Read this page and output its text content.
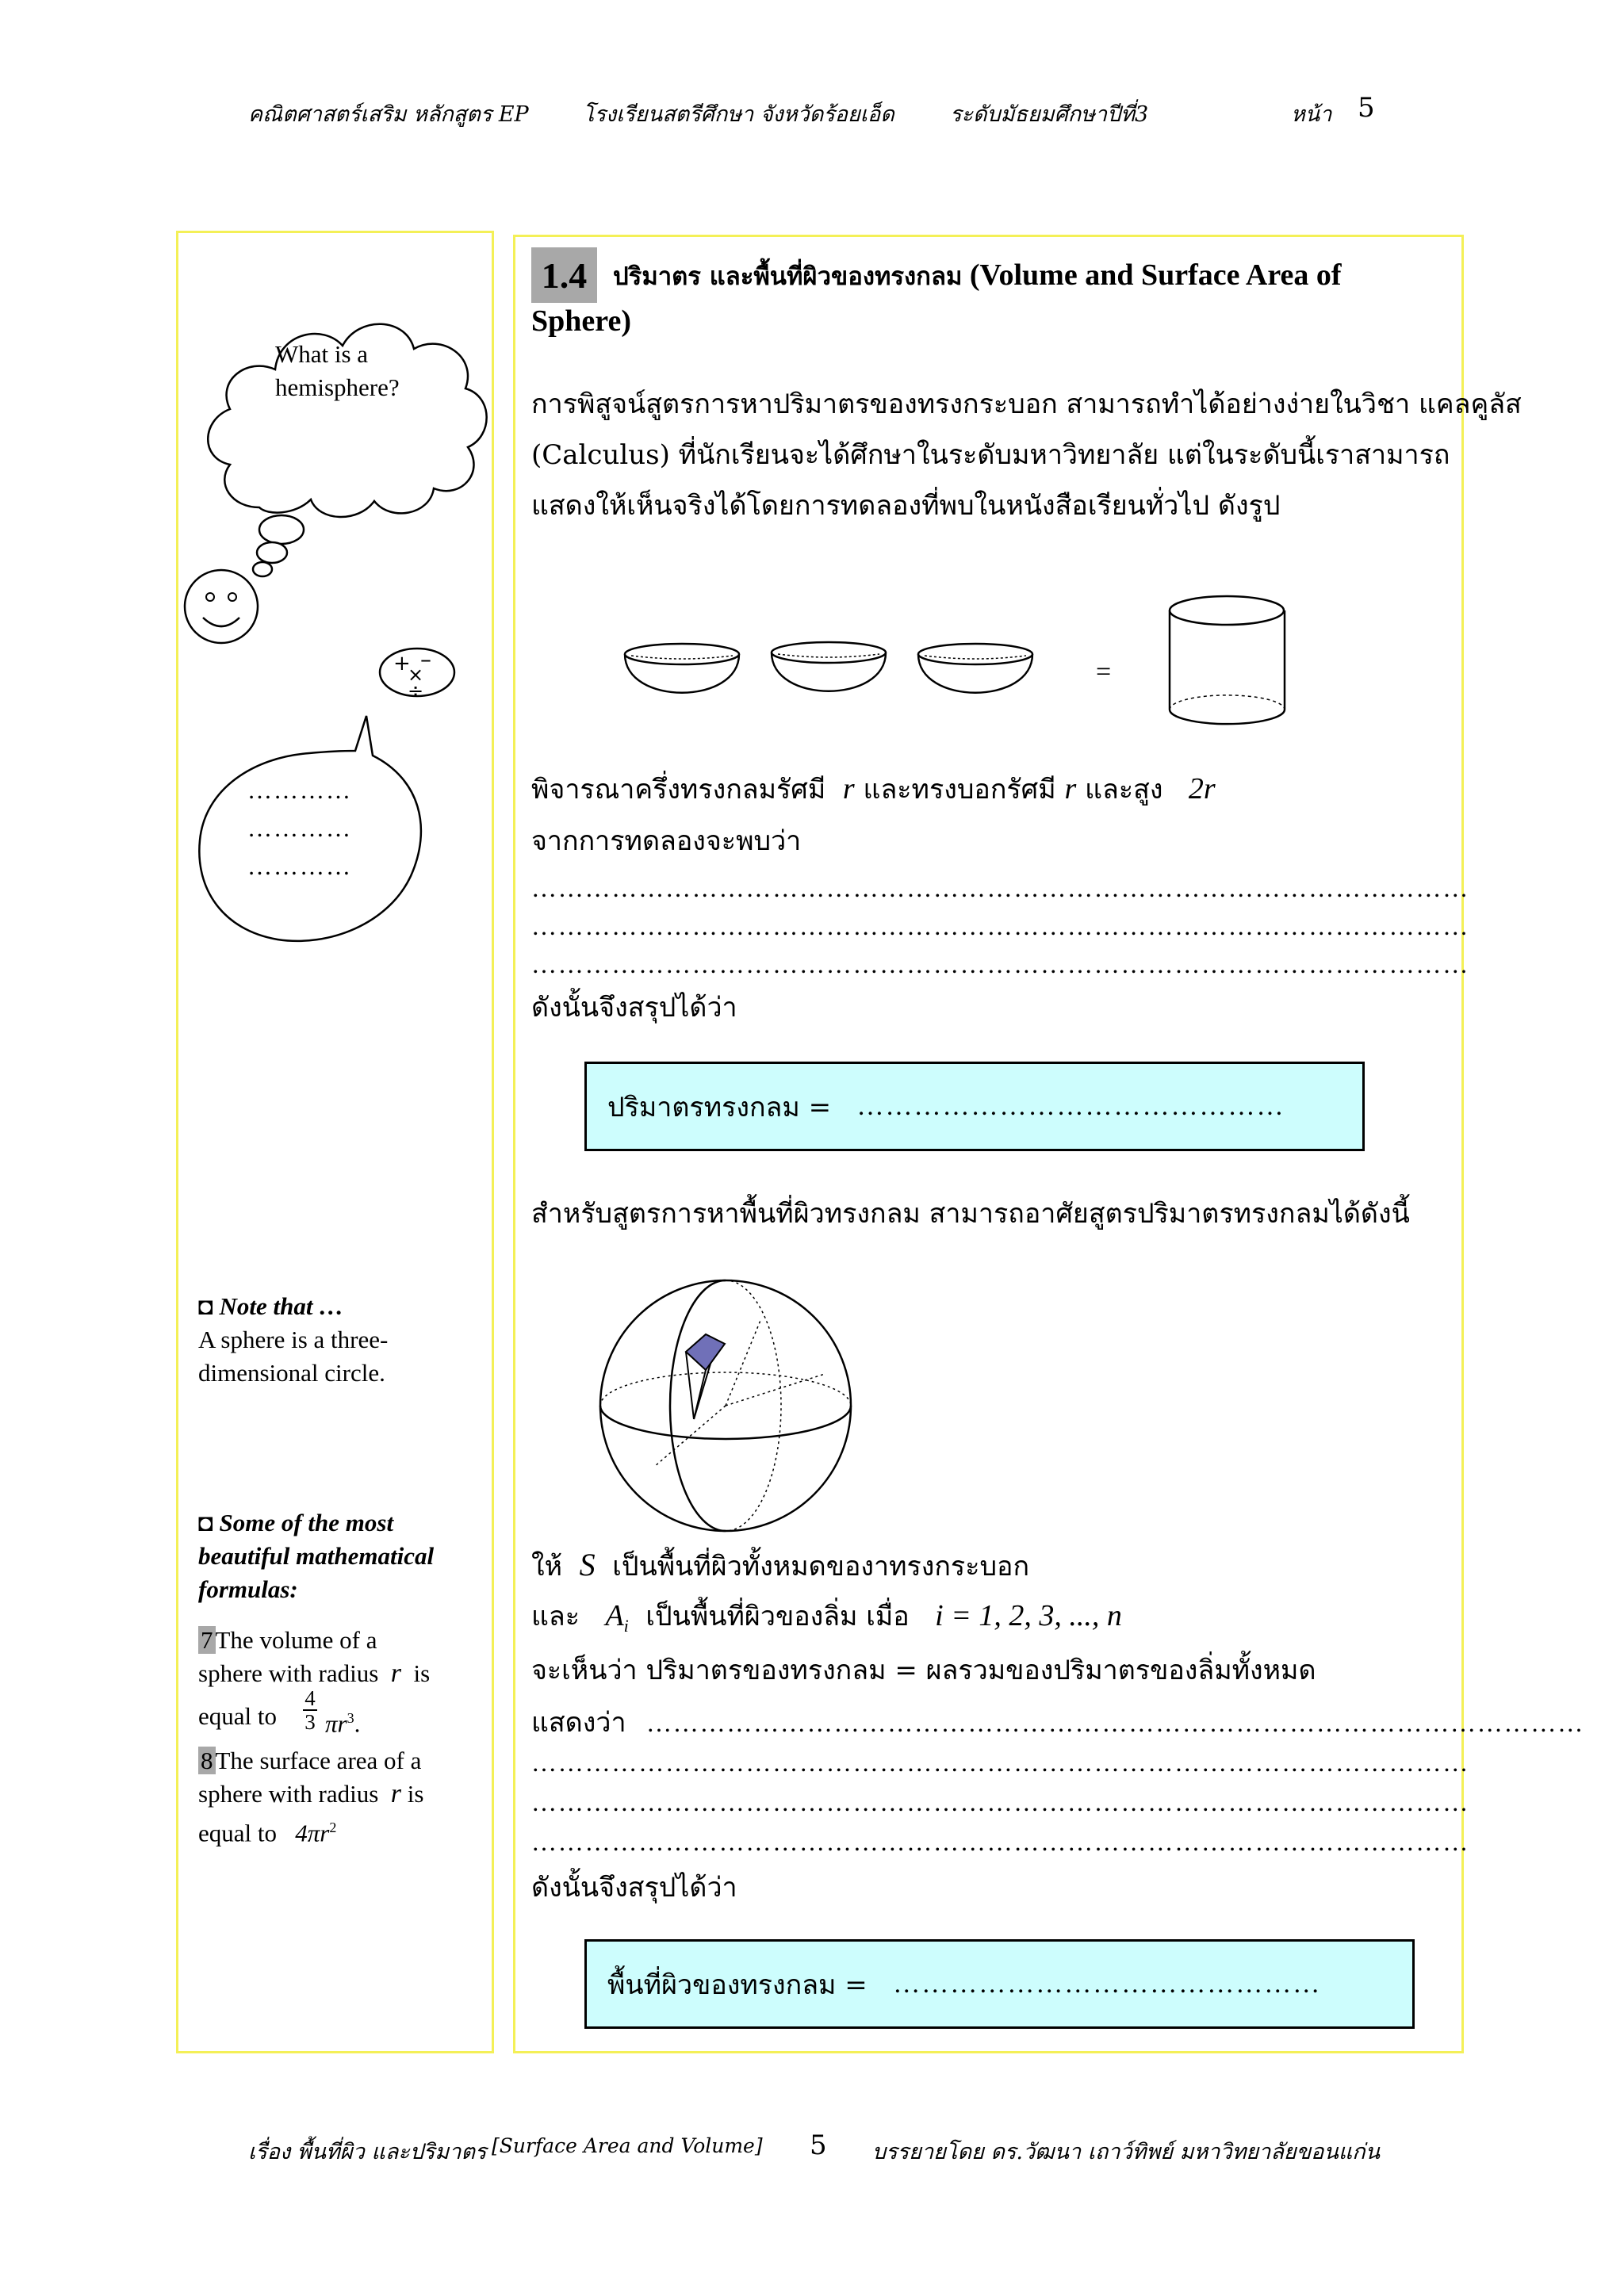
คณิตศาสตร์เสริม หลักสูตร EP	โรงเรียนสตรีศึกษา จังหวัดร้อยเอ็ด	ระดับมัธยมศึกษาปีที่3	หน้า 5
What is a
hemisphere?
+ –
×
÷
…………
…………
…………
◘ Note that …
A sphere is a three-
dimensional circle.
◘ Some of the most
beautiful mathematical
formulas:
7The volume of a
sphere with radius r is
equal to
4
3 $\pi r^3$.
8The surface area of a
sphere with radius r is
equal to $4\pi r^2$
1.4	ปริมาตร และพื้นที่ผิวของทรงกลม (Volume and Surface Area of
Sphere)
การพิสูจน์สูตรการหาปริมาตรของทรงกระบอก สามารถทำได้อย่างง่ายในวิชา แคลคูลัส
(Calculus) ที่นักเรียนจะได้ศึกษาในระดับมหาวิทยาลัย แต่ในระดับนี้เราสามารถ
แสดงให้เห็นจริงได้โดยการทดลองที่พบในหนังสือเรียนทั่วไป ดังรูป
=
พิจารณาครึ่งทรงกลมรัศมี r และทรงบอกรัศมี r และสูง 2r
จากการทดลองจะพบว่า
……………………………………………………………………………………………
……………………………………………………………………………………………
……………………………………………………………………………………………
ดังนั้นจึงสรุปได้ว่า
ปริมาตรทรงกลม =
………………………………………
สำหรับสูตรการหาพื้นที่ผิวทรงกลม สามารถอาศัยสูตรปริมาตรทรงกลมได้ดังนี้
ให้ S เป็นพื้นที่ผิวทั้งหมดของาทรงกระบอก
และ $A_i$ เป็นพื้นที่ผิวของลิ่ม เมื่อ i = 1, 2, 3, ..., n
จะเห็นว่า ปริมาตรของทรงกลม = ผลรวมของปริมาตรของลิ่มทั้งหมด
แสดงว่า ……………………………………………………………………………………………
……………………………………………………………………………………………
……………………………………………………………………………………………
……………………………………………………………………………………………
ดังนั้นจึงสรุปได้ว่า
พื้นที่ผิวของทรงกลม =
………………………………………
เรื่อง พื้นที่ผิว และปริมาตร [Surface Area and Volume] 5 บรรยายโดย ดร.วัฒนา เถาว์ทิพย์ มหาวิทยาลัยขอนแก่น
